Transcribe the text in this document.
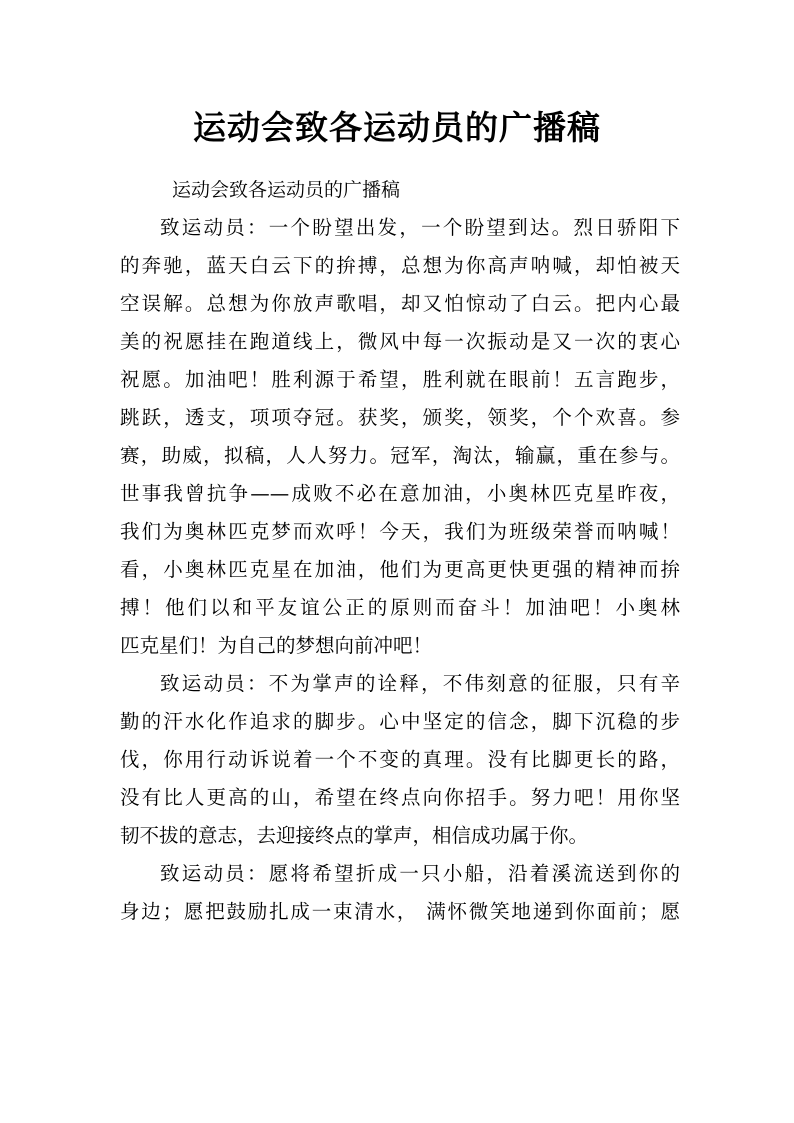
运动会致各运动员的广播稿

运动会致各运动员的广播稿

致运动员：一个盼望出发，一个盼望到达。烈日骄阳下
的奔驰，蓝天白云下的拚搏，总想为你高声呐喊，却怕被天
空误解。总想为你放声歌唱，却又怕惊动了白云。把内心最
美的祝愿挂在跑道线上，微风中每一次振动是又一次的衷心
祝愿。加油吧！胜利源于希望，胜利就在眼前！五言跑步，
跳跃，透支，项项夺冠。获奖，颁奖，领奖，个个欢喜。参
赛，助威，拟稿，人人努力。冠军，淘汰，输赢，重在参与。
世事我曾抗争——成败不必在意加油，小奥林匹克星昨夜，
我们为奥林匹克梦而欢呼！今天，我们为班级荣誉而呐喊！
看，小奥林匹克星在加油，他们为更高更快更强的精神而拚
搏！他们以和平友谊公正的原则而奋斗！加油吧！小奥林
匹克星们！为自己的梦想向前冲吧！

致运动员：不为掌声的诠释，不伟刻意的征服，只有辛
勤的汗水化作追求的脚步。心中坚定的信念，脚下沉稳的步
伐，你用行动诉说着一个不变的真理。没有比脚更长的路，
没有比人更高的山，希望在终点向你招手。努力吧！用你坚
韧不拔的意志，去迎接终点的掌声，相信成功属于你。

致运动员：愿将希望折成一只小船，沿着溪流送到你的
身边；愿把鼓励扎成一束清水， 满怀微笑地递到你面前；愿
